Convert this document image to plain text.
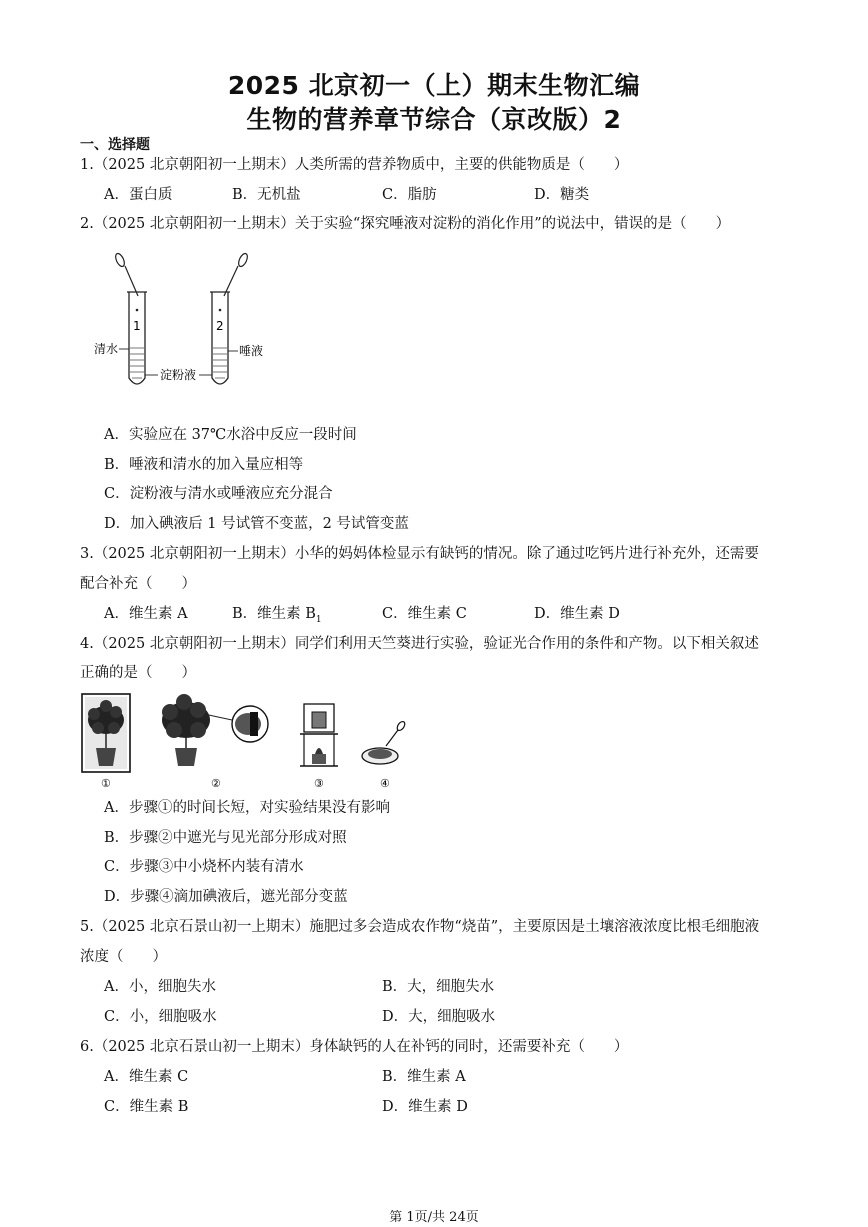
2025 北京初一（上）期末生物汇编
生物的营养章节综合（京改版）2
一、选择题
1.（2025 北京朝阳初一上期末）人类所需的营养物质中，主要的供能物质是（　　）
A．蛋白质	B．无机盐	C．脂肪	D．糖类
2.（2025 北京朝阳初一上期末）关于实验“探究唾液对淀粉的消化作用”的说法中，错误的是（　　）
1	2
清水	唾液
淀粉液
A．实验应在 37℃水浴中反应一段时间
B．唾液和清水的加入量应相等
C．淀粉液与清水或唾液应充分混合
D．加入碘液后 1 号试管不变蓝，2 号试管变蓝
3.（2025 北京朝阳初一上期末）小华的妈妈体检显示有缺钙的情况。除了通过吃钙片进行补充外，还需要
配合补充（　　）
A．维生素 A	B．维生素 $B_1$	C．维生素 C	D．维生素 D
4.（2025 北京朝阳初一上期末）同学们利用天竺葵进行实验，验证光合作用的条件和产物。以下相关叙述
正确的是（　　）
①	②	③	④
A．步骤①的时间长短，对实验结果没有影响
B．步骤②中遮光与见光部分形成对照
C．步骤③中小烧杯内装有清水
D．步骤④滴加碘液后，遮光部分变蓝
5.（2025 北京石景山初一上期末）施肥过多会造成农作物“烧苗”，主要原因是土壤溶液浓度比根毛细胞液
浓度（　　）
A．小，细胞失水	B．大，细胞失水
C．小，细胞吸水	D．大，细胞吸水
6.（2025 北京石景山初一上期末）身体缺钙的人在补钙的同时，还需要补充（　　）
A．维生素 C	B．维生素 A
C．维生素 B	D．维生素 D
第 1页/共 24页
